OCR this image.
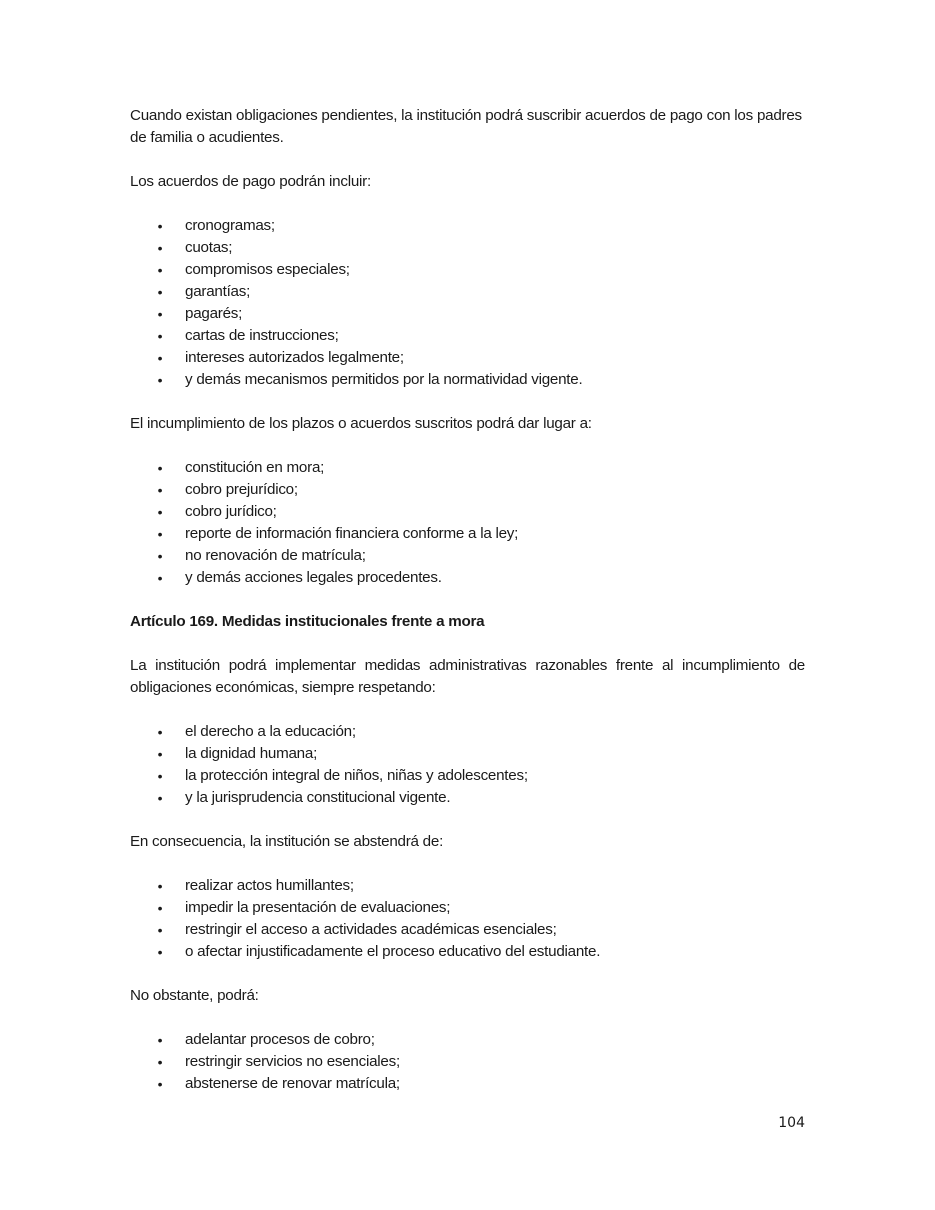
Cuando existan obligaciones pendientes, la institución podrá suscribir acuerdos de pago con los padres de familia o acudientes.

Los acuerdos de pago podrán incluir:

• cronogramas;
• cuotas;
• compromisos especiales;
• garantías;
• pagarés;
• cartas de instrucciones;
• intereses autorizados legalmente;
• y demás mecanismos permitidos por la normatividad vigente.

El incumplimiento de los plazos o acuerdos suscritos podrá dar lugar a:

• constitución en mora;
• cobro prejurídico;
• cobro jurídico;
• reporte de información financiera conforme a la ley;
• no renovación de matrícula;
• y demás acciones legales procedentes.

Artículo 169. Medidas institucionales frente a mora

La institución podrá implementar medidas administrativas razonables frente al incumplimiento de obligaciones económicas, siempre respetando:

• el derecho a la educación;
• la dignidad humana;
• la protección integral de niños, niñas y adolescentes;
• y la jurisprudencia constitucional vigente.

En consecuencia, la institución se abstendrá de:

• realizar actos humillantes;
• impedir la presentación de evaluaciones;
• restringir el acceso a actividades académicas esenciales;
• o afectar injustificadamente el proceso educativo del estudiante.

No obstante, podrá:

• adelantar procesos de cobro;
• restringir servicios no esenciales;
• abstenerse de renovar matrícula;
104
